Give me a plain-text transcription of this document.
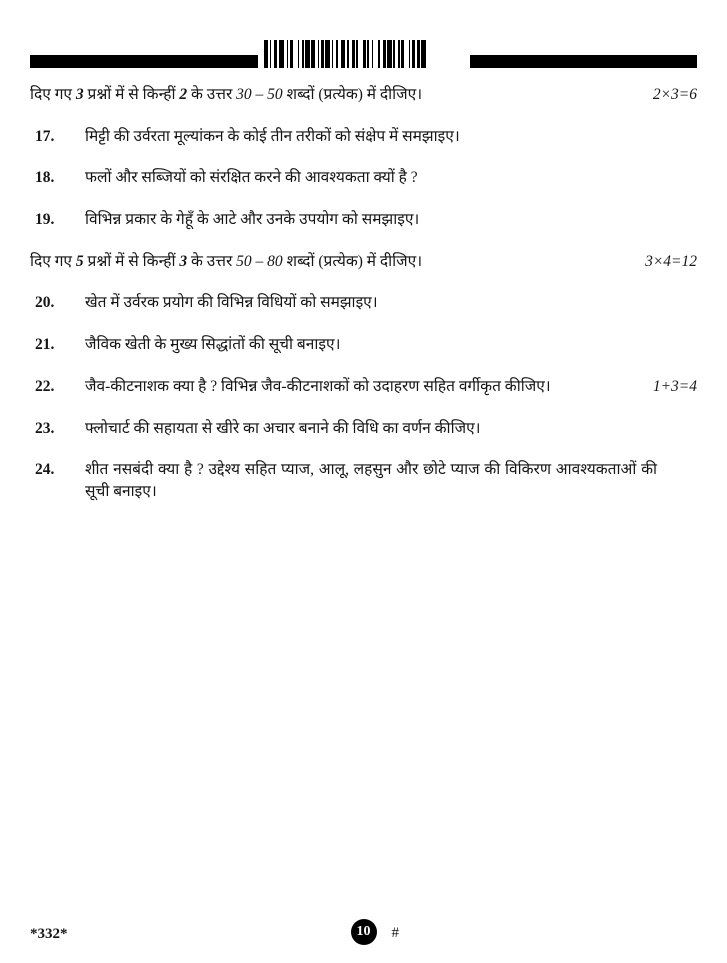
दिए गए 3 प्रश्नों में से किन्हीं 2 के उत्तर 30 – 50 शब्दों (प्रत्येक) में दीजिए।	2×3=6
17.	मिट्टी की उर्वरता मूल्यांकन के कोई तीन तरीकों को संक्षेप में समझाइए।
18.	फलों और सब्जियों को संरक्षित करने की आवश्यकता क्यों है ?
19.	विभिन्न प्रकार के गेहूँ के आटे और उनके उपयोग को समझाइए।
दिए गए 5 प्रश्नों में से किन्हीं 3 के उत्तर 50 – 80 शब्दों (प्रत्येक) में दीजिए।	3×4=12
20.	खेत में उर्वरक प्रयोग की विभिन्न विधियों को समझाइए।
21.	जैविक खेती के मुख्य सिद्धांतों की सूची बनाइए।
22.	जैव-कीटनाशक क्या है ? विभिन्न जैव-कीटनाशकों को उदाहरण सहित वर्गीकृत कीजिए।	1+3=4
23.	फ्लोचार्ट की सहायता से खीरे का अचार बनाने की विधि का वर्णन कीजिए।
24.	शीत नसबंदी क्या है ? उद्देश्य सहित प्याज, आलू, लहसुन और छोटे प्याज की विकिरण आवश्यकताओं की सूची बनाइए।
*332*	10	#
